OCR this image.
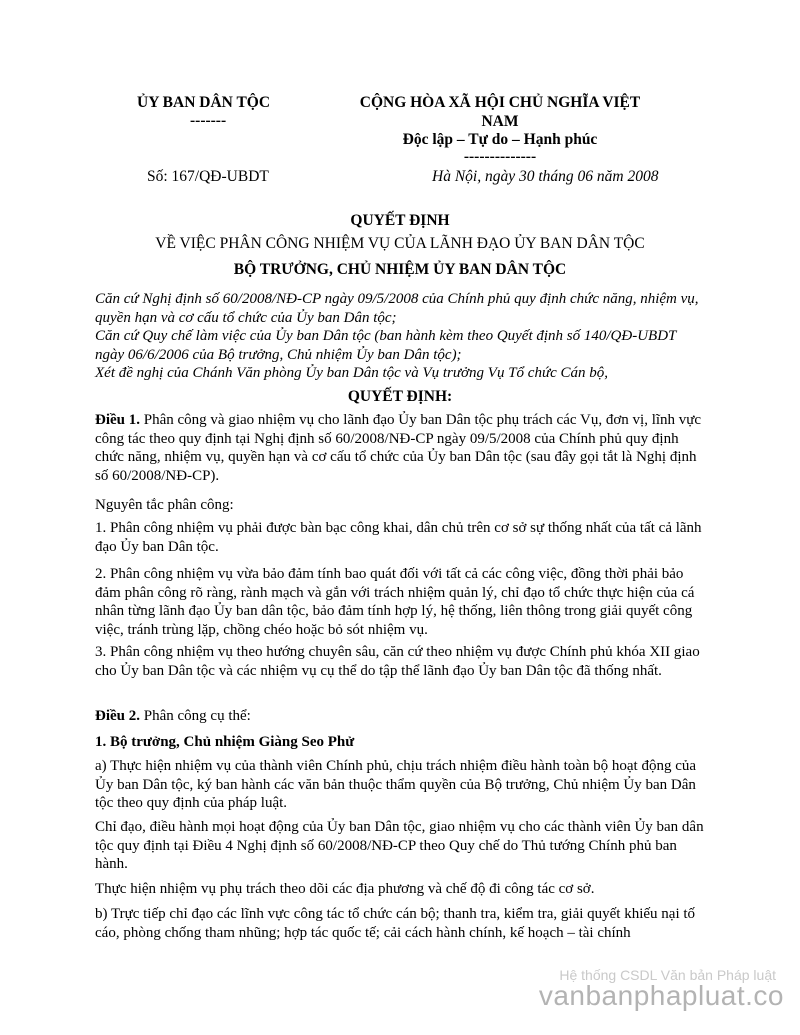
ỦY BAN DÂN TỘC
-------
Số: 167/QĐ-UBDT
CỘNG HÒA XÃ HỘI CHỦ NGHĨA VIỆT
NAM
Độc lập – Tự do – Hạnh phúc
--------------
Hà Nội, ngày 30 tháng 06 năm 2008
QUYẾT ĐỊNH
VỀ VIỆC PHÂN CÔNG NHIỆM VỤ CỦA LÃNH ĐẠO ỦY BAN DÂN TỘC
BỘ TRƯỞNG, CHỦ NHIỆM ỦY BAN DÂN TỘC

Căn cứ Nghị định số 60/2008/NĐ-CP ngày 09/5/2008 của Chính phủ quy định chức năng, nhiệm vụ, quyền hạn và cơ cấu tổ chức của Ủy ban Dân tộc;

Căn cứ Quy chế làm việc của Ủy ban Dân tộc (ban hành kèm theo Quyết định số 140/QĐ-UBDT ngày 06/6/2006 của Bộ trưởng, Chủ nhiệm Ủy ban Dân tộc);

Xét đề nghị của Chánh Văn phòng Ủy ban Dân tộc và Vụ trưởng Vụ Tổ chức Cán bộ,

QUYẾT ĐỊNH:

Điều 1. Phân công và giao nhiệm vụ cho lãnh đạo Ủy ban Dân tộc phụ trách các Vụ, đơn vị, lĩnh vực công tác theo quy định tại Nghị định số 60/2008/NĐ-CP ngày 09/5/2008 của Chính phủ quy định chức năng, nhiệm vụ, quyền hạn và cơ cấu tổ chức của Ủy ban Dân tộc (sau đây gọi tắt là Nghị định số 60/2008/NĐ-CP).

Nguyên tắc phân công:

1. Phân công nhiệm vụ phải được bàn bạc công khai, dân chủ trên cơ sở sự thống nhất của tất cả lãnh đạo Ủy ban Dân tộc.

2. Phân công nhiệm vụ vừa bảo đảm tính bao quát đối với tất cả các công việc, đồng thời phải bảo đảm phân công rõ ràng, rành mạch và gắn với trách nhiệm quản lý, chỉ đạo tổ chức thực hiện của cá nhân từng lãnh đạo Ủy ban dân tộc, bảo đảm tính hợp lý, hệ thống, liên thông trong giải quyết công việc, tránh trùng lặp, chồng chéo hoặc bỏ sót nhiệm vụ.

3. Phân công nhiệm vụ theo hướng chuyên sâu, căn cứ theo nhiệm vụ được Chính phủ khóa XII giao cho Ủy ban Dân tộc và các nhiệm vụ cụ thể do tập thể lãnh đạo Ủy ban Dân tộc đã thống nhất.

Điều 2. Phân công cụ thể:

1. Bộ trưởng, Chủ nhiệm Giàng Seo Phử

a) Thực hiện nhiệm vụ của thành viên Chính phủ, chịu trách nhiệm điều hành toàn bộ hoạt động của Ủy ban Dân tộc, ký ban hành các văn bản thuộc thẩm quyền của Bộ trưởng, Chủ nhiệm Ủy ban Dân tộc theo quy định của pháp luật.

Chỉ đạo, điều hành mọi hoạt động của Ủy ban Dân tộc, giao nhiệm vụ cho các thành viên Ủy ban dân tộc quy định tại Điều 4 Nghị định số 60/2008/NĐ-CP theo Quy chế do Thủ tướng Chính phủ ban hành.

Thực hiện nhiệm vụ phụ trách theo dõi các địa phương và chế độ đi công tác cơ sở.

b) Trực tiếp chỉ đạo các lĩnh vực công tác tổ chức cán bộ; thanh tra, kiểm tra, giải quyết khiếu nại tố cáo, phòng chống tham nhũng; hợp tác quốc tế; cải cách hành chính, kế hoạch – tài chính

Hệ thống CSDL Văn bản Pháp luật
vanbanphapluat.co
